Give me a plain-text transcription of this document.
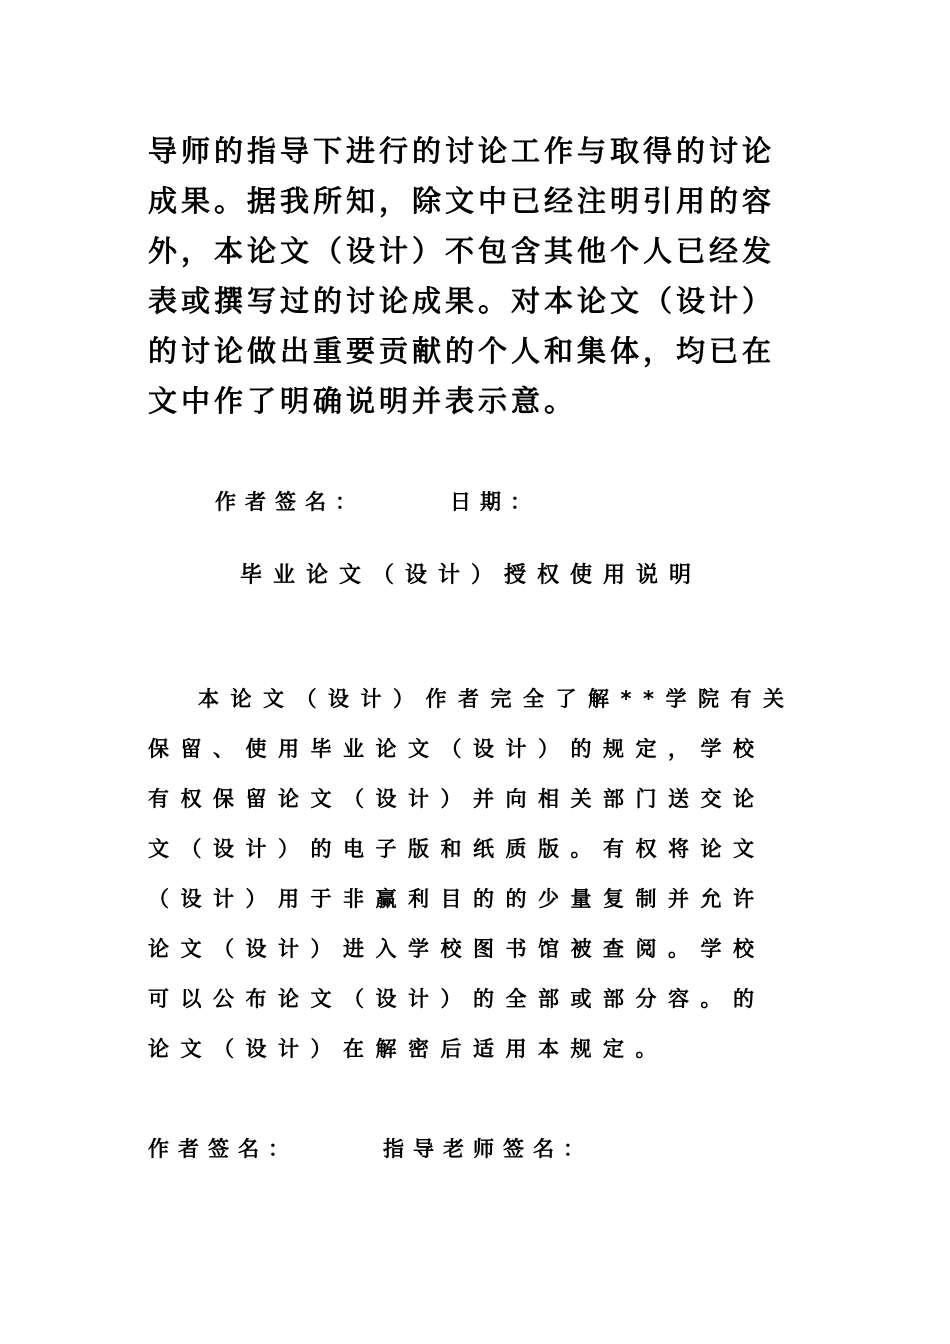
导师的指导下进行的讨论工作与取得的讨论
成果。据我所知，除文中已经注明引用的容
外，本论文（设计）不包含其他个人已经发
表或撰写过的讨论成果。对本论文（设计）
的讨论做出重要贡献的个人和集体，均已在
文中作了明确说明并表示意。
作者签名：	日期：
毕业论文（设计）授权使用说明
本论文（设计）作者完全了解**学院有关
保留、使用毕业论文（设计）的规定，学校
有权保留论文（设计）并向相关部门送交论
文（设计）的电子版和纸质版。有权将论文
（设计）用于非赢利目的的少量复制并允许
论文（设计）进入学校图书馆被查阅。学校
可以公布论文（设计）的全部或部分容。的
论文（设计）在解密后适用本规定。
作者签名：	指导老师签名：
